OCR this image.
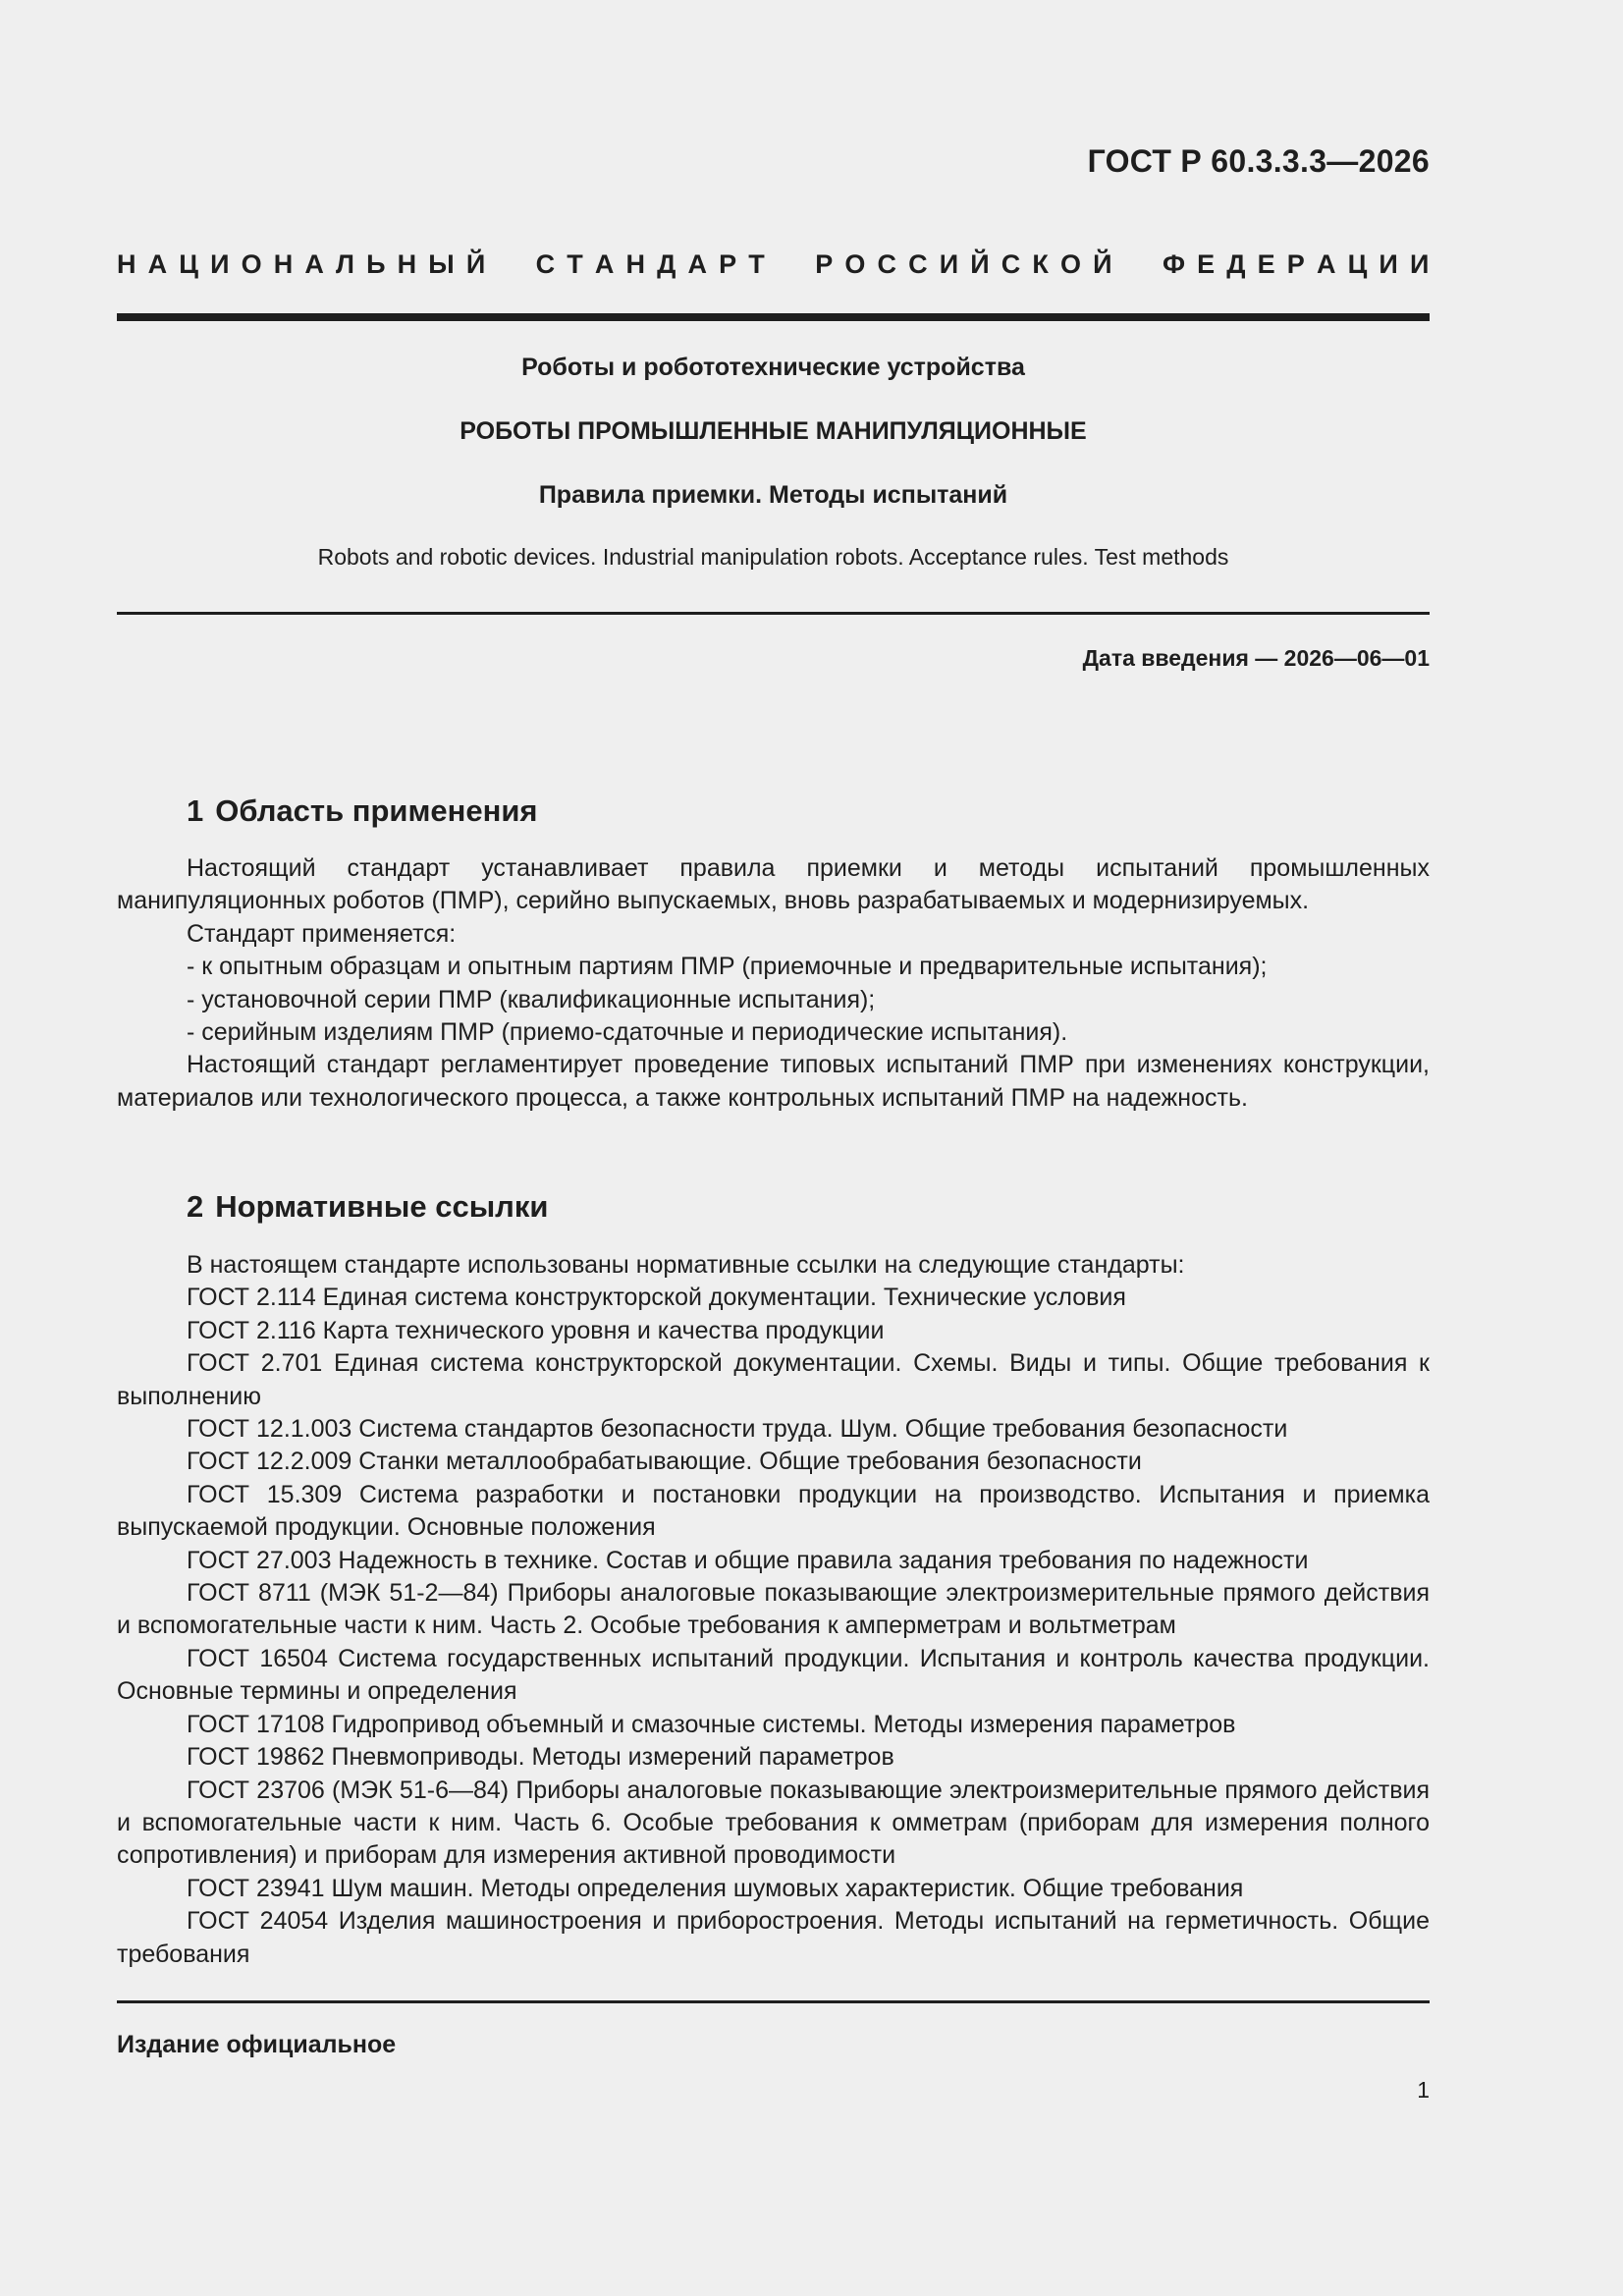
ГОСТ Р 60.3.3.3—2026
Н А Ц И О Н А Л Ь Н Ы Й

С Т А Н Д А Р Т

Р О С С И Й С К О Й

Ф Е Д Е Р А Ц И И
Роботы и робототехнические устройства
РОБОТЫ ПРОМЫШЛЕННЫЕ МАНИПУЛЯЦИОННЫЕ
Правила приемки. Методы испытаний
Robots and robotic devices. Industrial manipulation robots. Acceptance rules. Test methods
Дата введения — 2026—06—01
1 Область применения

Настоящий стандарт устанавливает правила приемки и методы испытаний промышленных манипуляционных роботов (ПМР), серийно выпускаемых, вновь разрабатываемых и модернизируемых.

Стандарт применяется:

- к опытным образцам и опытным партиям ПМР (приемочные и предварительные испытания);

- установочной серии ПМР (квалификационные испытания);

- серийным изделиям ПМР (приемо-сдаточные и периодические испытания).

Настоящий стандарт регламентирует проведение типовых испытаний ПМР при изменениях конструкции, материалов или технологического процесса, а также контрольных испытаний ПМР на надежность.

2 Нормативные ссылки

В настоящем стандарте использованы нормативные ссылки на следующие стандарты:

ГОСТ 2.114 Единая система конструкторской документации. Технические условия

ГОСТ 2.116 Карта технического уровня и качества продукции

ГОСТ 2.701 Единая система конструкторской документации. Схемы. Виды и типы. Общие требования к выполнению

ГОСТ 12.1.003 Система стандартов безопасности труда. Шум. Общие требования безопасности

ГОСТ 12.2.009 Станки металлообрабатывающие. Общие требования безопасности

ГОСТ 15.309 Система разработки и постановки продукции на производство. Испытания и приемка выпускаемой продукции. Основные положения

ГОСТ 27.003 Надежность в технике. Состав и общие правила задания требования по надежности

ГОСТ 8711 (МЭК 51-2—84) Приборы аналоговые показывающие электроизмерительные прямого действия и вспомогательные части к ним. Часть 2. Особые требования к амперметрам и вольтметрам

ГОСТ 16504 Система государственных испытаний продукции. Испытания и контроль качества продукции. Основные термины и определения

ГОСТ 17108 Гидропривод объемный и смазочные системы. Методы измерения параметров

ГОСТ 19862 Пневмоприводы. Методы измерений параметров

ГОСТ 23706 (МЭК 51-6—84) Приборы аналоговые показывающие электроизмерительные прямого действия и вспомогательные части к ним. Часть 6. Особые требования к омметрам (приборам для измерения полного сопротивления) и приборам для измерения активной проводимости

ГОСТ 23941 Шум машин. Методы определения шумовых характеристик. Общие требования

ГОСТ 24054 Изделия машиностроения и приборостроения. Методы испытаний на герметичность. Общие требования

Издание официальное
1
